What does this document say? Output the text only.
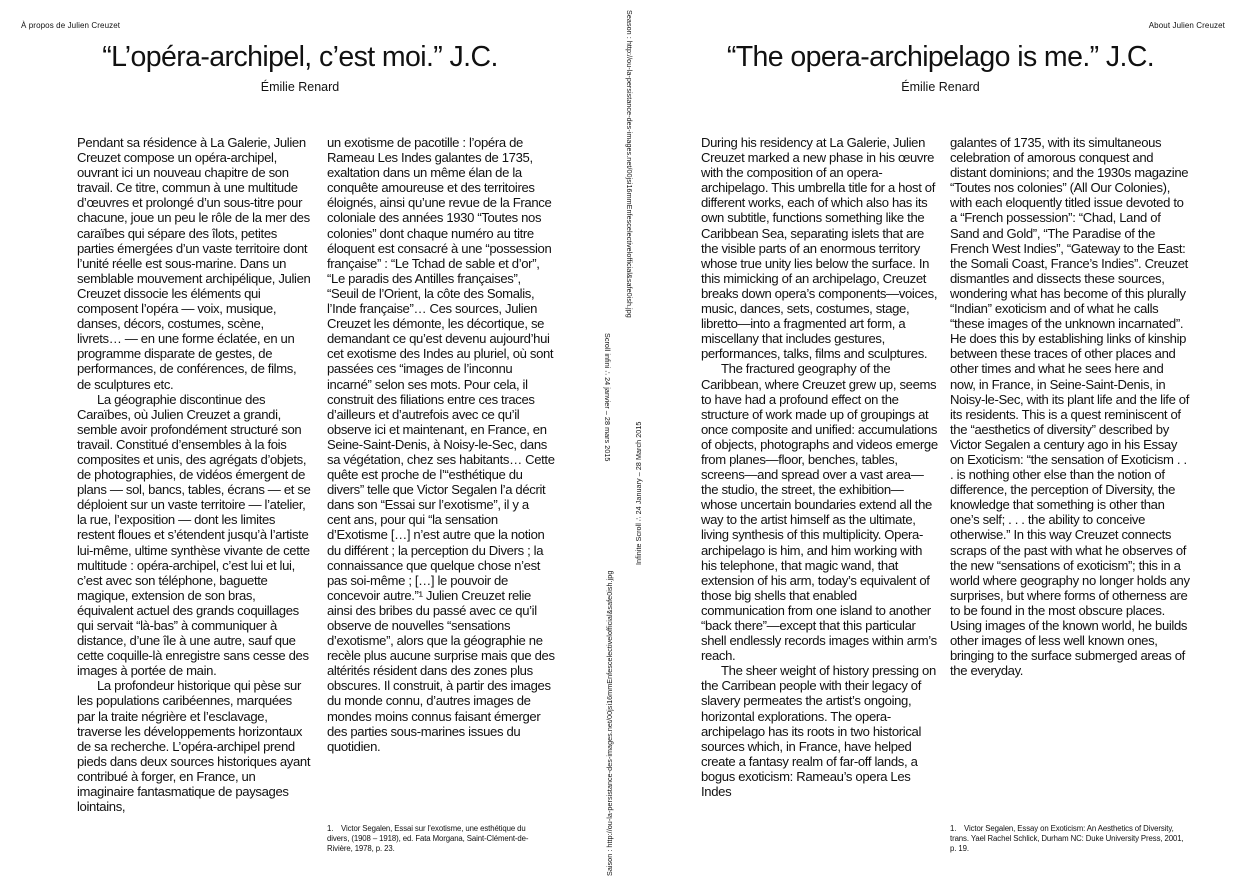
À propos de Julien Creuzet
“L’opéra-archipel, c’est moi.” J.C.
Émilie Renard

Pendant sa résidence à La Galerie, Julien Creuzet compose un opéra-archipel, ouvrant ici un nouveau chapitre de son travail. Ce titre, commun à une multitude d’œuvres et prolongé d’un sous-titre pour chacune, joue un peu le rôle de la mer des caraïbes qui sépare des îlots, petites parties émergées d’un vaste territoire dont l’unité réelle est sous-marine. Dans un semblable mouvement archipélique, Julien Creuzet dissocie les éléments qui composent l’opéra — voix, musique, danses, décors, costumes, scène, livrets… — en une forme éclatée, en un programme disparate de gestes, de performances, de conférences, de films, de sculptures etc.

La géographie discontinue des Caraïbes, où Julien Creuzet a grandi, semble avoir profondément structuré son travail. Constitué d’ensembles à la fois composites et unis, des agrégats d’objets, de photographies, de vidéos émergent de plans — sol, bancs, tables, écrans — et se déploient sur un vaste territoire — l’atelier, la rue, l’exposition — dont les limites restent floues et s’étendent jusqu’à l’artiste lui-même, ultime synthèse vivante de cette multitude : opéra-archipel, c’est lui et lui, c’est avec son téléphone, baguette magique, extension de son bras, équivalent actuel des grands coquillages qui servait “là-bas” à communiquer à distance, d’une île à une autre, sauf que cette coquille-là enregistre sans cesse des images à portée de main.

La profondeur historique qui pèse sur les populations caribéennes, marquées par la traite négrière et l’esclavage, traverse les développements horizontaux de sa recherche. L’opéra-archipel prend pieds dans deux sources historiques ayant contribué à forger, en France, un imaginaire fantasmatique de paysages lointains,

un exotisme de pacotille : l’opéra de Rameau Les Indes galantes de 1735, exaltation dans un même élan de la conquête amoureuse et des territoires éloignés, ainsi qu’une revue de la France coloniale des années 1930 “Toutes nos colonies” dont chaque numéro au titre éloquent est consacré à une “possession française” : “Le Tchad de sable et d’or”, “Le paradis des Antilles françaises”, “Seuil de l’Orient, la côte des Somalis, l’Inde française”… Ces sources, Julien Creuzet les démonte, les décortique, se demandant ce qu’est devenu aujourd’hui cet exotisme des Indes au pluriel, où sont passées ces “images de l’inconnu incarné” selon ses mots. Pour cela, il construit des filiations entre ces traces d’ailleurs et d’autrefois avec ce qu’il observe ici et maintenant, en France, en Seine-Saint-Denis, à Noisy-le-Sec, dans sa végétation, chez ses habitants… Cette quête est proche de l’“esthétique du divers” telle que Victor Segalen l’a décrit dans son “Essai sur l’exotisme”, il y a cent ans, pour qui “la sensation d’Exotisme […] n’est autre que la notion du différent ; la perception du Divers ; la connaissance que quelque chose n’est pas soi-même ; […] le pouvoir de concevoir autre.”¹ Julien Creuzet relie ainsi des bribes du passé avec ce qu’il observe de nouvelles “sensations d’exotisme”, alors que la géographie ne recèle plus aucune surprise mais que des altérités résident dans des zones plus obscures. Il construit, à partir des images du monde connu, d’autres images de mondes moins connus faisant émerger des parties sous-marines issues du quotidien.

1. Victor Segalen, Essai sur l’exotisme, une esthétique du divers, (1908 – 1918), ed. Fata Morgana, Saint-Clément-de-Rivière, 1978, p. 23.
Season : http://ou-la-persistance-des-images.net/00jsi16mmEnfescelectivelofficial&safe0ish.jpg
Scroll infini ∴ 24 janvier – 28 mars 2015
Infinite Scroll ∴ 24 January – 28 March 2015
Saison : http://ou-la-persistance-des-images.net/00jsi16mmEnfescelectivelofficial&safe0ish.jpg
About Julien Creuzet
“The opera-archipelago is me.” J.C.
Émilie Renard

During his residency at La Galerie, Julien Creuzet marked a new phase in his œuvre with the composition of an opera-archipelago. This umbrella title for a host of different works, each of which also has its own subtitle, functions something like the Caribbean Sea, separating islets that are the visible parts of an enormous territory whose true unity lies below the surface. In this mimicking of an archipelago, Creuzet breaks down opera’s components—voices, music, dances, sets, costumes, stage, libretto—into a fragmented art form, a miscellany that includes gestures, performances, talks, films and sculptures.

The fractured geography of the Caribbean, where Creuzet grew up, seems to have had a profound effect on the structure of work made up of groupings at once composite and unified: accumulations of objects, photographs and videos emerge from planes—floor, benches, tables, screens—and spread over a vast area—the studio, the street, the exhibition—whose uncertain boundaries extend all the way to the artist himself as the ultimate, living synthesis of this multiplicity. Opera-archipelago is him, and him working with his telephone, that magic wand, that extension of his arm, today’s equivalent of those big shells that enabled communication from one island to another “back there”—except that this particular shell endlessly records images within arm’s reach.

The sheer weight of history pressing on the Carribean people with their legacy of slavery permeates the artist’s ongoing, horizontal explorations. The opera-archipelago has its roots in two historical sources which, in France, have helped create a fantasy realm of far-off lands, a bogus exoticism: Rameau’s opera Les Indes

galantes of 1735, with its simultaneous celebration of amorous conquest and distant dominions; and the 1930s magazine “Toutes nos colonies” (All Our Colonies), with each eloquently titled issue devoted to a “French possession”: “Chad, Land of Sand and Gold”, “The Paradise of the French West Indies”, “Gateway to the East: the Somali Coast, France’s Indies”. Creuzet dismantles and dissects these sources, wondering what has become of this plurally “Indian” exoticism and of what he calls “these images of the unknown incarnated”. He does this by establishing links of kinship between these traces of other places and other times and what he sees here and now, in France, in Seine-Saint-Denis, in Noisy-le-Sec, with its plant life and the life of its residents. This is a quest reminiscent of the “aesthetics of diversity” described by Victor Segalen a century ago in his Essay on Exoticism: “the sensation of Exoticism . . . is nothing other else than the notion of difference, the perception of Diversity, the knowledge that something is other than one’s self; . . . the ability to conceive otherwise.” In this way Creuzet connects scraps of the past with what he observes of the new “sensations of exoticism”; this in a world where geography no longer holds any surprises, but where forms of otherness are to be found in the most obscure places. Using images of the known world, he builds other images of less well known ones, bringing to the surface submerged areas of the everyday.

1. Victor Segalen, Essay on Exoticism: An Aesthetics of Diversity, trans. Yael Rachel Schlick, Durham NC: Duke University Press, 2001, p. 19.
